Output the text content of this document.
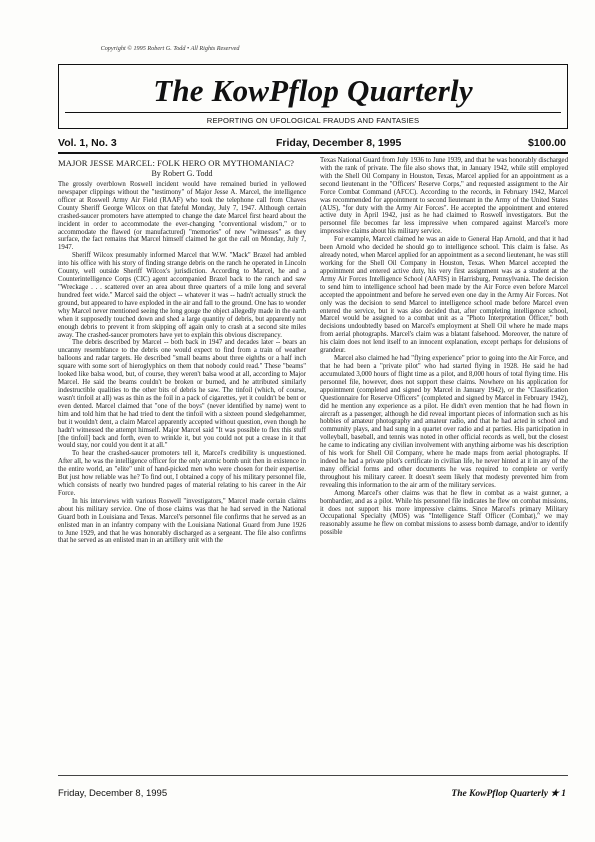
Copyright © 1995 Robert G. Todd • All Rights Reserved
The KowPflop Quarterly
REPORTING ON UFOLOGICAL FRAUDS AND FANTASIES
Vol. 1, No. 3	Friday, December 8, 1995	$100.00
MAJOR JESSE MARCEL: FOLK HERO OR MYTHOMANIAC?
By Robert G. Todd

The grossly overblown Roswell incident would have remained buried in yellowed newspaper clippings without the "testimony" of Major Jesse A. Marcel, the intelligence officer at Roswell Army Air Field (RAAF) who took the telephone call from Chaves County Sheriff George Wilcox on that fateful Monday, July 7, 1947. Although certain crashed-saucer promoters have attempted to change the date Marcel first heard about the incident in order to accommodate the ever-changing "conventional wisdom," or to accommodate the flawed (or manufactured) "memories" of new "witnesses" as they surface, the fact remains that Marcel himself claimed he got the call on Monday, July 7, 1947.

Sheriff Wilcox presumably informed Marcel that W.W. "Mack" Brazel had ambled into his office with his story of finding strange debris on the ranch he operated in Lincoln County, well outside Sheriff Wilcox's jurisdiction. According to Marcel, he and a Counterintelligence Corps (CIC) agent accompanied Brazel back to the ranch and saw "Wreckage . . . scattered over an area about three quarters of a mile long and several hundred feet wide." Marcel said the object -- whatever it was -- hadn't actually struck the ground, but appeared to have exploded in the air and fall to the ground. One has to wonder why Marcel never mentioned seeing the long gouge the object allegedly made in the earth when it supposedly touched down and shed a large quantity of debris, but apparently not enough debris to prevent it from skipping off again only to crash at a second site miles away. The crashed-saucer promoters have yet to explain this obvious discrepancy.

The debris described by Marcel -- both back in 1947 and decades later -- bears an uncanny resemblance to the debris one would expect to find from a train of weather balloons and radar targets. He described "small beams about three eighths or a half inch square with some sort of hieroglyphics on them that nobody could read." These "beams" looked like balsa wood, but, of course, they weren't balsa wood at all, according to Major Marcel. He said the beams couldn't be broken or burned, and he attributed similarly indestructible qualities to the other bits of debris he saw. The tinfoil (which, of course, wasn't tinfoil at all) was as thin as the foil in a pack of cigarettes, yet it couldn't be bent or even dented. Marcel claimed that "one of the boys" (never identified by name) went to him and told him that he had tried to dent the tinfoil with a sixteen pound sledgehammer, but it wouldn't dent, a claim Marcel apparently accepted without question, even though he hadn't witnessed the attempt himself. Major Marcel said "It was possible to flex this stuff [the tinfoil] back and forth, even to wrinkle it, but you could not put a crease in it that would stay, nor could you dent it at all."

To hear the crashed-saucer promoters tell it, Marcel's credibility is unquestioned. After all, he was the intelligence officer for the only atomic bomb unit then in existence in the entire world, an "elite" unit of hand-picked men who were chosen for their expertise. But just how reliable was he? To find out, I obtained a copy of his military personnel file, which consists of nearly two hundred pages of material relating to his career in the Air Force.

In his interviews with various Roswell "investigators," Marcel made certain claims about his military service. One of those claims was that he had served in the National Guard both in Louisiana and Texas. Marcel's personnel file confirms that he served as an enlisted man in an infantry company with the Louisiana National Guard from June 1926 to June 1929, and that he was honorably discharged as a sergeant. The file also confirms that he served as an enlisted man in an artillery unit with the

Texas National Guard from July 1936 to June 1939, and that he was honorably discharged with the rank of private. The file also shows that, in January 1942, while still employed with the Shell Oil Company in Houston, Texas, Marcel applied for an appointment as a second lieutenant in the "Officers' Reserve Corps," and requested assignment to the Air Force Combat Command (AFCC). According to the records, in February 1942, Marcel was recommended for appointment to second lieutenant in the Army of the United States (AUS), "for duty with the Army Air Forces". He accepted the appointment and entered active duty in April 1942, just as he had claimed to Roswell investigators. But the personnel file becomes far less impressive when compared against Marcel's more impressive claims about his military service.

For example, Marcel claimed he was an aide to General Hap Arnold, and that it had been Arnold who decided he should go to intelligence school. This claim is false. As already noted, when Marcel applied for an appointment as a second lieutenant, he was still working for the Shell Oil Company in Houston, Texas. When Marcel accepted the appointment and entered active duty, his very first assignment was as a student at the Army Air Forces Intelligence School (AAFIS) in Harrisburg, Pennsylvania. The decision to send him to intelligence school had been made by the Air Force even before Marcel accepted the appointment and before he served even one day in the Army Air Forces. Not only was the decision to send Marcel to intelligence school made before Marcel even entered the service, but it was also decided that, after completing intelligence school, Marcel would be assigned to a combat unit as a "Photo Interpretation Officer," both decisions undoubtedly based on Marcel's employment at Shell Oil where he made maps from aerial photographs. Marcel's claim was a blatant falsehood. Moreover, the nature of his claim does not lend itself to an innocent explanation, except perhaps for delusions of grandeur.

Marcel also claimed he had "flying experience" prior to going into the Air Force, and that he had been a "private pilot" who had started flying in 1928. He said he had accumulated 3,000 hours of flight time as a pilot, and 8,000 hours of total flying time. His personnel file, however, does not support these claims. Nowhere on his application for appointment (completed and signed by Marcel in January 1942), or the "Classification Questionnaire for Reserve Officers" (completed and signed by Marcel in February 1942), did he mention any experience as a pilot. He didn't even mention that he had flown in aircraft as a passenger, although he did reveal important pieces of information such as his hobbies of amateur photography and amateur radio, and that he had acted in school and community plays, and had sung in a quartet over radio and at parties. His participation in volleyball, baseball, and tennis was noted in other official records as well, but the closest he came to indicating any civilian involvement with anything airborne was his description of his work for Shell Oil Company, where he made maps from aerial photographs. If indeed he had a private pilot's certificate in civilian life, he never hinted at it in any of the many official forms and other documents he was required to complete or verify throughout his military career. It doesn't seem likely that modesty prevented him from revealing this information to the air arm of the military services.

Among Marcel's other claims was that he flew in combat as a waist gunner, a bombardier, and as a pilot. While his personnel file indicates he flew on combat missions, it does not support his more impressive claims. Since Marcel's primary Military Occupational Specialty (MOS) was "Intelligence Staff Officer (Combat)," we may reasonably assume he flew on combat missions to assess bomb damage, and/or to identify possible

Friday, December 8, 1995	The KowPflop Quarterly ★ 1
